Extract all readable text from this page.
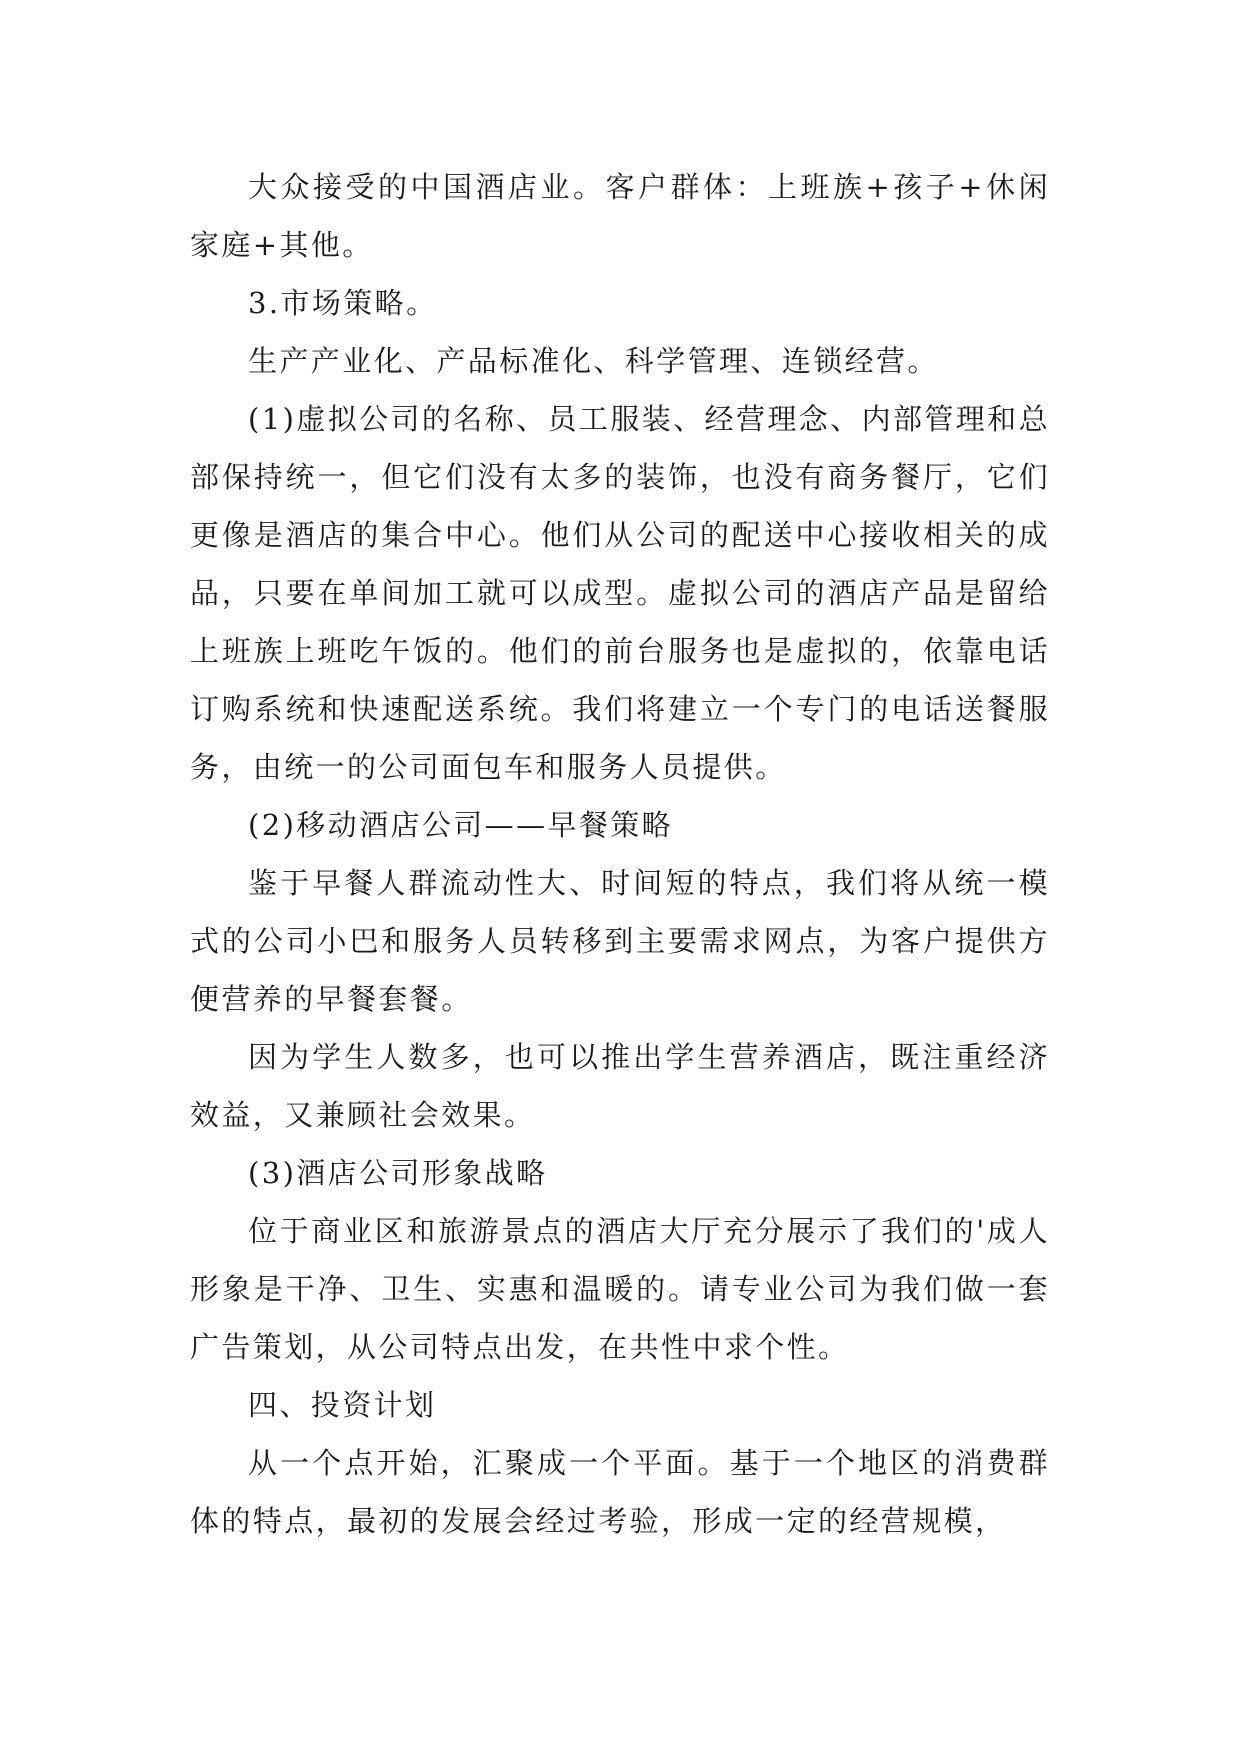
大众接受的中国酒店业。客户群体：上班族+孩子+休闲家庭+其他。

3.市场策略。

生产产业化、产品标准化、科学管理、连锁经营。

(1)虚拟公司的名称、员工服装、经营理念、内部管理和总部保持统一，但它们没有太多的装饰，也没有商务餐厅，它们更像是酒店的集合中心。他们从公司的配送中心接收相关的成品，只要在单间加工就可以成型。虚拟公司的酒店产品是留给上班族上班吃午饭的。他们的前台服务也是虚拟的，依靠电话订购系统和快速配送系统。我们将建立一个专门的电话送餐服务，由统一的公司面包车和服务人员提供。

(2)移动酒店公司——早餐策略

鉴于早餐人群流动性大、时间短的特点，我们将从统一模式的公司小巴和服务人员转移到主要需求网点，为客户提供方便营养的早餐套餐。

因为学生人数多，也可以推出学生营养酒店，既注重经济效益，又兼顾社会效果。

(3)酒店公司形象战略

位于商业区和旅游景点的酒店大厅充分展示了我们的'成人形象是干净、卫生、实惠和温暖的。请专业公司为我们做一套广告策划，从公司特点出发，在共性中求个性。

四、投资计划

从一个点开始，汇聚成一个平面。基于一个地区的消费群体的特点，最初的发展会经过考验，形成一定的经营规模，
